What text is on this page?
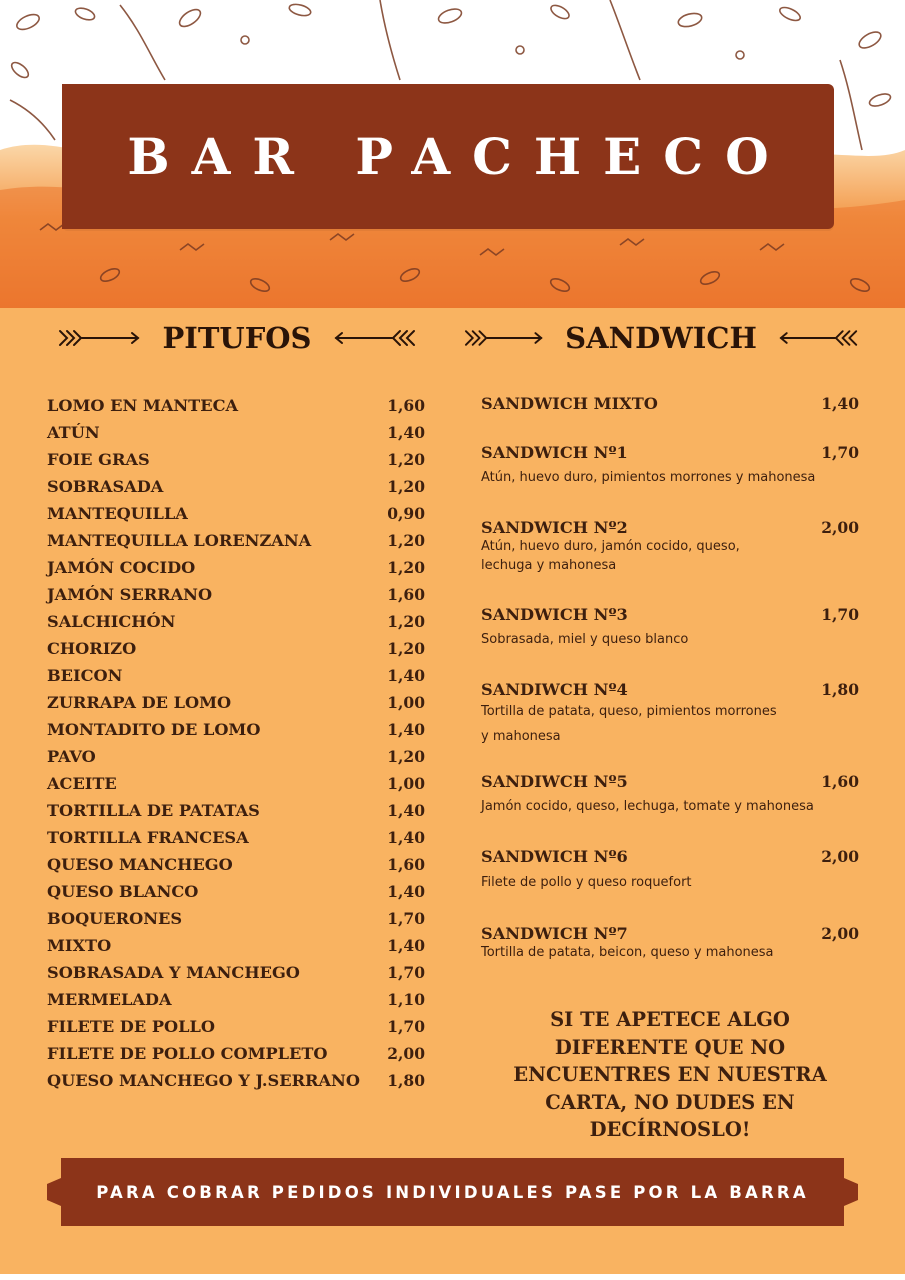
BAR PACHECO
PITUFOS	SANDWICH
LOMO EN MANTECA	1,60
ATÚN	1,40
FOIE GRAS	1,20
SOBRASADA	1,20
MANTEQUILLA	0,90
MANTEQUILLA LORENZANA	1,20
JAMÓN COCIDO	1,20
JAMÓN SERRANO	1,60
SALCHICHÓN	1,20
CHORIZO	1,20
BEICON	1,40
ZURRAPA DE LOMO	1,00
MONTADITO DE LOMO	1,40
PAVO	1,20
ACEITE	1,00
TORTILLA DE PATATAS	1,40
TORTILLA FRANCESA	1,40
QUESO MANCHEGO	1,60
QUESO BLANCO	1,40
BOQUERONES	1,70
MIXTO	1,40
SOBRASADA Y MANCHEGO	1,70
MERMELADA	1,10
FILETE DE POLLO	1,70
FILETE DE POLLO COMPLETO	2,00
QUESO MANCHEGO Y J.SERRANO 1,80
SANDWICH MIXTO	1,40
SANDWICH Nº1	1,70
Atún, huevo duro, pimientos morrones y mahonesa
SANDWICH Nº2	2,00
Atún, huevo duro, jamón cocido, queso, lechuga y mahonesa
SANDWICH Nº3	1,70
Sobrasada, miel y queso blanco
SANDIWCH Nº4	1,80
Tortilla de patata, queso, pimientos morrones y mahonesa
SANDIWCH Nº5	1,60
Jamón cocido, queso, lechuga, tomate y mahonesa
SANDWICH Nº6	2,00
Filete de pollo y queso roquefort
SANDWICH Nº7	2,00
Tortilla de patata, beicon, queso y mahonesa
SI TE APETECE ALGO DIFERENTE QUE NO ENCUENTRES EN NUESTRA CARTA, NO DUDES EN DECÍRNOSLO!
PARA COBRAR PEDIDOS INDIVIDUALES PASE POR LA BARRA
